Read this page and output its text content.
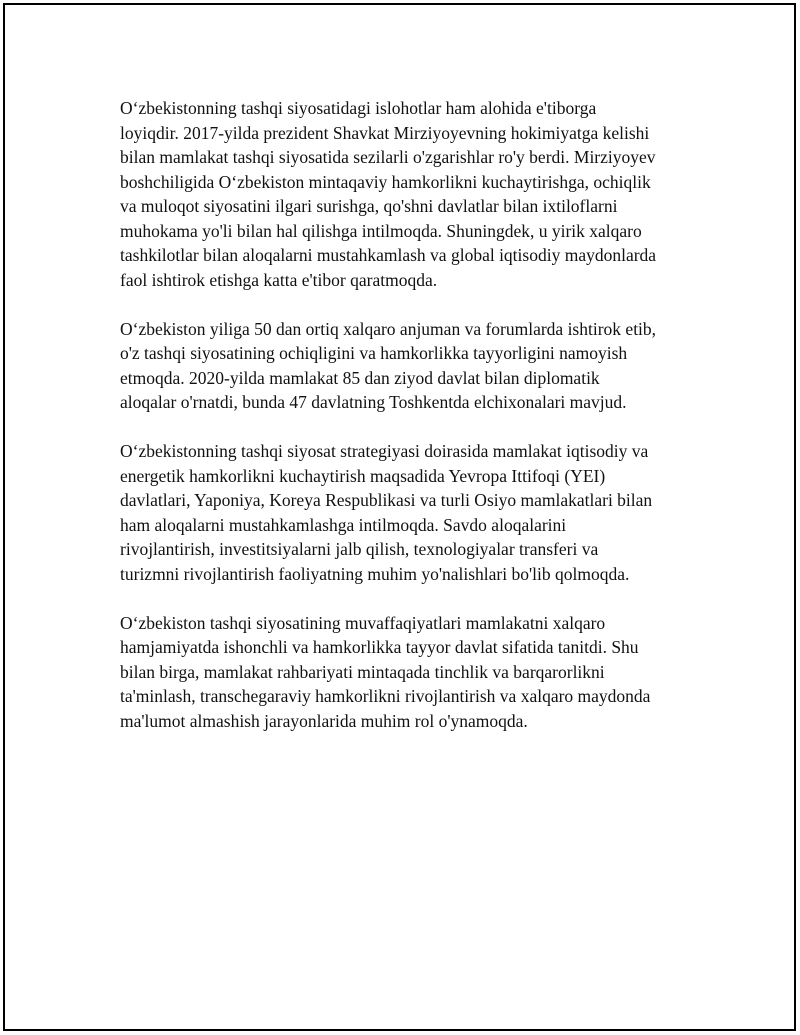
O‘zbekistonning tashqi siyosatidagi islohotlar ham alohida e'tiborga
loyiqdir. 2017-yilda prezident Shavkat Mirziyoyevning hokimiyatga kelishi
bilan mamlakat tashqi siyosatida sezilarli o'zgarishlar ro'y berdi. Mirziyoyev
boshchiligida O‘zbekiston mintaqaviy hamkorlikni kuchaytirishga, ochiqlik
va muloqot siyosatini ilgari surishga, qo'shni davlatlar bilan ixtiloflarni
muhokama yo'li bilan hal qilishga intilmoqda. Shuningdek, u yirik xalqaro
tashkilotlar bilan aloqalarni mustahkamlash va global iqtisodiy maydonlarda
faol ishtirok etishga katta e'tibor qaratmoqda.

O‘zbekiston yiliga 50 dan ortiq xalqaro anjuman va forumlarda ishtirok etib,
o'z tashqi siyosatining ochiqligini va hamkorlikka tayyorligini namoyish
etmoqda. 2020-yilda mamlakat 85 dan ziyod davlat bilan diplomatik
aloqalar o'rnatdi, bunda 47 davlatning Toshkentda elchixonalari mavjud.

O‘zbekistonning tashqi siyosat strategiyasi doirasida mamlakat iqtisodiy va
energetik hamkorlikni kuchaytirish maqsadida Yevropa Ittifoqi (YEI)
davlatlari, Yaponiya, Koreya Respublikasi va turli Osiyo mamlakatlari bilan
ham aloqalarni mustahkamlashga intilmoqda. Savdo aloqalarini
rivojlantirish, investitsiyalarni jalb qilish, texnologiyalar transferi va
turizmni rivojlantirish faoliyatning muhim yo'nalishlari bo'lib qolmoqda.

O‘zbekiston tashqi siyosatining muvaffaqiyatlari mamlakatni xalqaro
hamjamiyatda ishonchli va hamkorlikka tayyor davlat sifatida tanitdi. Shu
bilan birga, mamlakat rahbariyati mintaqada tinchlik va barqarorlikni
ta'minlash, transchegaraviy hamkorlikni rivojlantirish va xalqaro maydonda
ma'lumot almashish jarayonlarida muhim rol o'ynamoqda.
